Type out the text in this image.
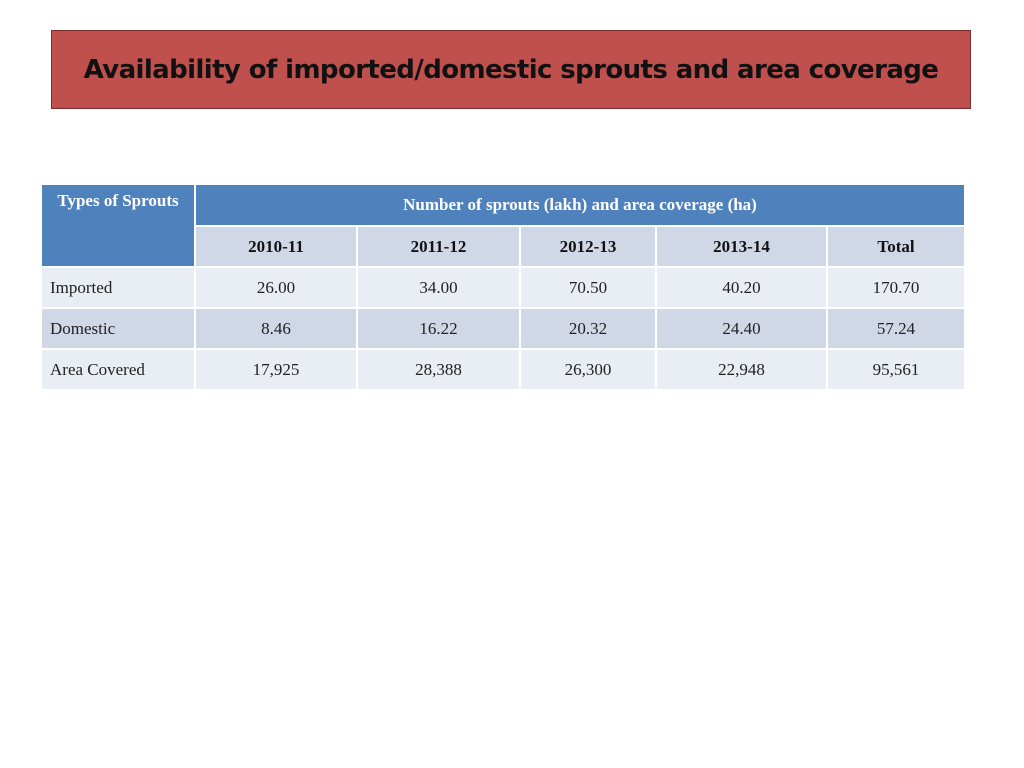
Availability of imported/domestic sprouts and area coverage
Types of Sprouts	Number of sprouts (lakh) and area coverage (ha)				
	2010-11	2011-12	2012-13	2013-14	Total
Imported	26.00	34.00	70.50	40.20	170.70
Domestic	8.46	16.22	20.32	24.40	57.24
Area Covered	17,925	28,388	26,300	22,948	95,561
